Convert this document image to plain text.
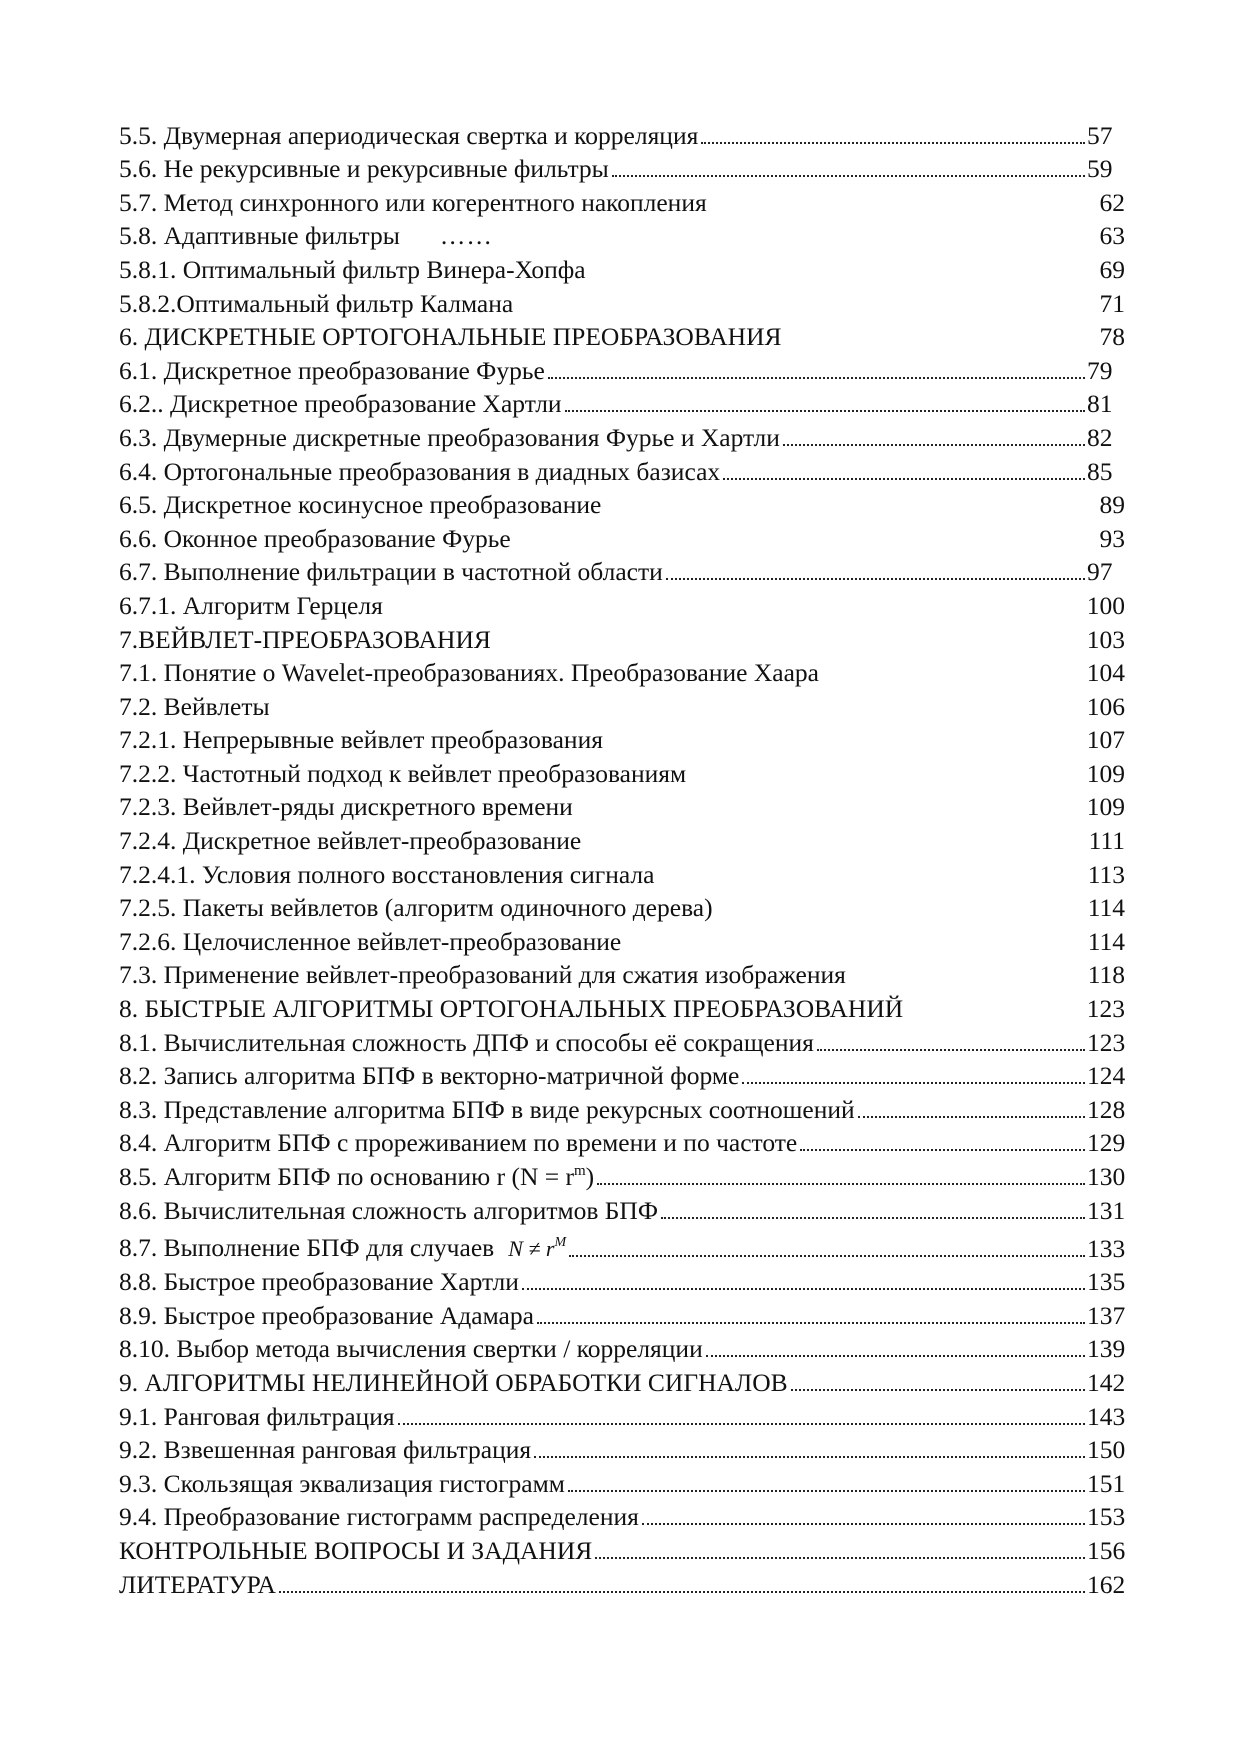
5.5. Двумерная апериодическая свертка и корреляция	57
5.6. Не рекурсивные и рекурсивные фильтры	59
5.7. Метод синхронного или когерентного накопления	62
5.8. Адаптивные фильтры ……	63
5.8.1. Оптимальный фильтр Винера-Хопфа	69
5.8.2.Оптимальный фильтр Калмана	71
6. ДИСКРЕТНЫЕ ОРТОГОНАЛЬНЫЕ ПРЕОБРАЗОВАНИЯ	78
6.1. Дискретное преобразование Фурье	79
6.2.. Дискретное преобразование Хартли	81
6.3. Двумерные дискретные преобразования Фурье и Хартли	82
6.4. Ортогональные преобразования в диадных базисах	85
6.5. Дискретное косинусное преобразование	89
6.6. Оконное преобразование Фурье	93
6.7. Выполнение фильтрации в частотной области	97
6.7.1. Алгоритм Герцеля	100
7.ВЕЙВЛЕТ-ПРЕОБРАЗОВАНИЯ	103
7.1. Понятие о Wavelet-преобразованиях. Преобразование Хаара	104
7.2. Вейвлеты	106
7.2.1. Непрерывные вейвлет преобразования	107
7.2.2. Частотный подход к вейвлет преобразованиям	109
7.2.3. Вейвлет-ряды дискретного времени	109
7.2.4. Дискретное вейвлет-преобразование	111
7.2.4.1. Условия полного восстановления сигнала	113
7.2.5. Пакеты вейвлетов (алгоритм одиночного дерева)	114
7.2.6. Целочисленное вейвлет-преобразование	114
7.3. Применение вейвлет-преобразований для сжатия изображения	118
8. БЫСТРЫЕ АЛГОРИТМЫ ОРТОГОНАЛЬНЫХ ПРЕОБРАЗОВАНИЙ	123
8.1. Вычислительная сложность ДПФ и способы её сокращения	123
8.2. Запись алгоритма БПФ в векторно-матричной форме	124
8.3. Представление алгоритма БПФ в виде рекурсных соотношений	128
8.4. Алгоритм БПФ с прореживанием по времени и по частоте	129
8.5. Алгоритм БПФ по основанию r $(N = r^m)$	130
8.6. Вычислительная сложность алгоритмов БПФ	131
8.7. Выполнение БПФ для случаев $N \ne r^M$	133
8.8. Быстрое преобразование Хартли	135
8.9. Быстрое преобразование Адамара	137
8.10. Выбор метода вычисления свертки / корреляции	139
9. АЛГОРИТМЫ НЕЛИНЕЙНОЙ ОБРАБОТКИ СИГНАЛОВ	142
9.1. Ранговая фильтрация	143
9.2. Взвешенная ранговая фильтрация	150
9.3. Скользящая эквализация гистограмм	151
9.4. Преобразование гистограмм распределения	153
КОНТРОЛЬНЫЕ ВОПРОСЫ И ЗАДАНИЯ	156
ЛИТЕРАТУРА	162
